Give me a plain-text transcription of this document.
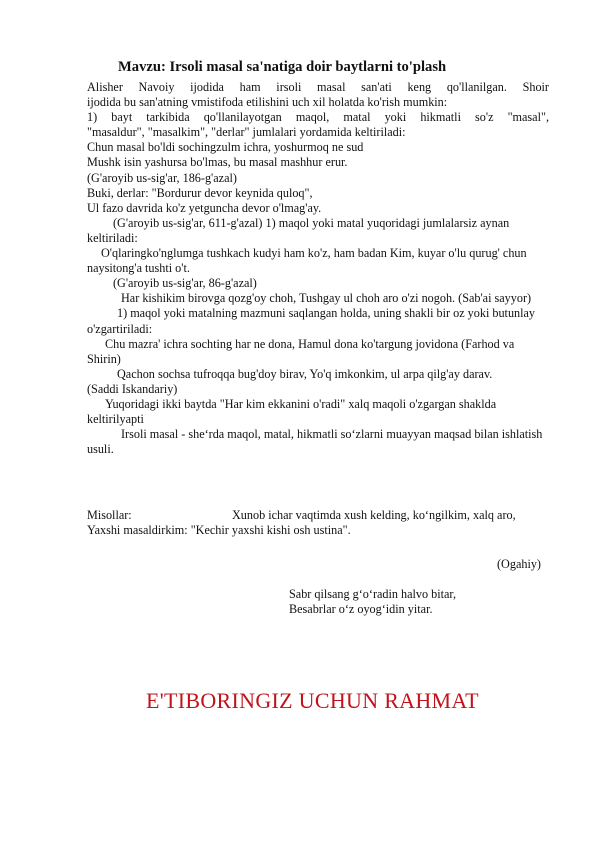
Mavzu: Irsoli masal sa'natiga doir baytlarni to'plash

Alisher Navoiy ijodida ham irsoli masal san'ati keng qo'llanilgan. Shoir

ijodida bu san'atning vmistifoda etilishini uch xil holatda ko'rish mumkin:

1) bayt tarkibida qo'llanilayotgan maqol, matal yoki hikmatli so'z "masal",

"masaldur", "masalkim", "derlar" jumlalari yordamida keltiriladi:

Chun masal bo'ldi sochingzulm ichra, yoshurmoq ne sud

Mushk isin yashursa bo'lmas, bu masal mashhur erur.

(G'aroyib us-sig'ar, 186-g'azal)

Buki, derlar: "Bordurur devor keynida quloq",

Ul fazo davrida ko'z yetguncha devor o'lmag'ay.

(G'aroyib us-sig'ar, 611-g'azal) 1) maqol yoki matal yuqoridagi jumlalarsiz aynan keltiriladi:

O'qlaringko'nglumga tushkach kudyi ham ko'z, ham badan Kim, kuyar o'lu qurug' chun naysitong'a tushti o't.

(G'aroyib us-sig'ar, 86-g'azal)

Har kishikim birovga qozg'oy choh, Tushgay ul choh aro o'zi nogoh. (Sab'ai sayyor)

1) maqol yoki matalning mazmuni saqlangan holda, uning shakli bir oz yoki butunlay o'zgartiriladi:

Chu mazra' ichra sochting har ne dona, Hamul dona ko'targung jovidona (Farhod va Shirin)

Qachon sochsa tufroqqa bug'doy birav, Yo'q imkonkim, ul arpa qilg'ay darav.

(Saddi Iskandariy)

Yuqoridagi ikki baytda "Har kim ekkanini o'radi" xalq maqoli o'zgargan shaklda keltirilyapti

Irsoli masal - she‘rda maqol, matal, hikmatli so‘zlarni muayyan maqsad bilan ishlatish usuli.

Misollar:	Xunob ichar vaqtimda xush kelding, ko‘ngilkim, xalq aro,
Yaxshi masaldirkim: "Kechir yaxshi kishi osh ustina".
(Ogahiy)
Sabr qilsang g‘o‘radin halvo bitar,
Besabrlar o‘z oyog‘idin yitar.
E'TIBORINGIZ UCHUN RAHMAT
